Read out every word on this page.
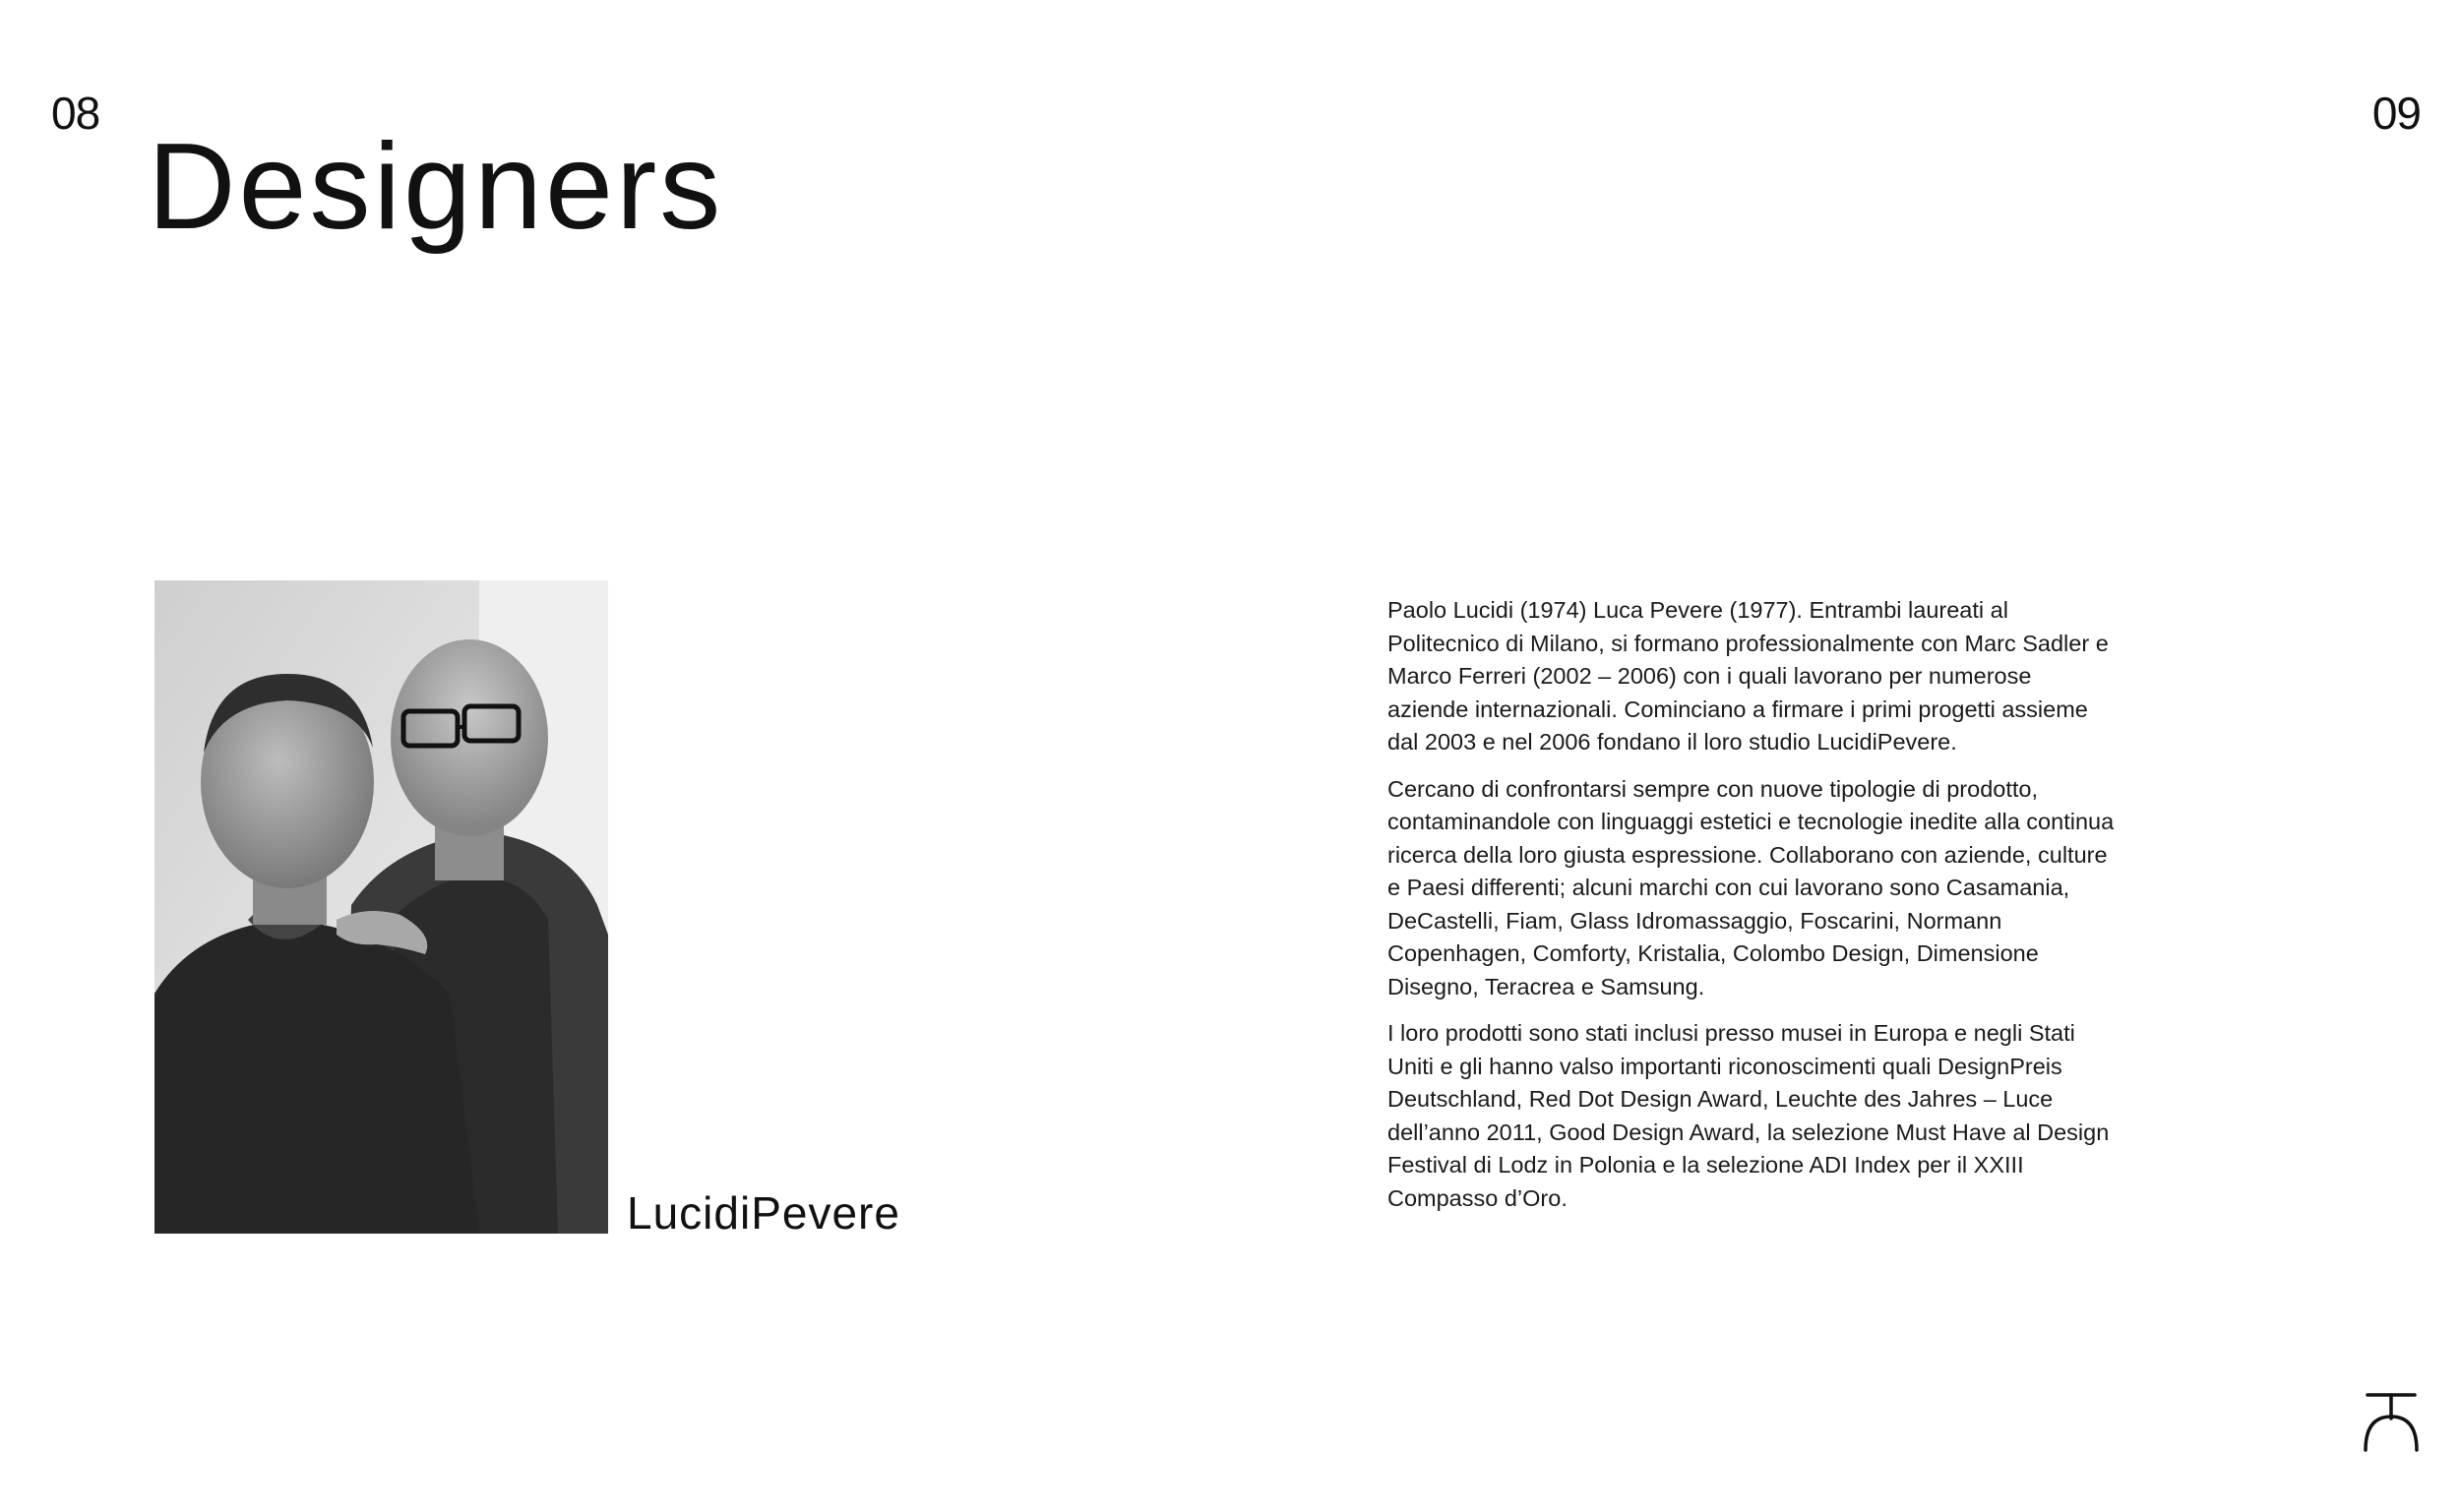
08	09
Designers
LucidiPevere

Paolo Lucidi (1974) Luca Pevere (1977). Entrambi laureati al Politecnico di Milano, si formano professionalmente con Marc Sadler e Marco Ferreri (2002 – 2006) con i quali lavorano per numerose aziende internazionali. Cominciano a firmare i primi progetti assieme dal 2003 e nel 2006 fondano il loro studio LucidiPevere.

Cercano di confrontarsi sempre con nuove tipologie di prodotto, contaminandole con linguaggi estetici e tecnologie inedite alla continua ricerca della loro giusta espressione. Collaborano con aziende, culture e Paesi differenti; alcuni marchi con cui lavorano sono Casamania, DeCastelli, Fiam, Glass Idromassaggio, Foscarini, Normann Copenhagen, Comforty, Kristalia, Colombo Design, Dimensione Disegno, Teracrea e Samsung.

I loro prodotti sono stati inclusi presso musei in Europa e negli Stati Uniti e gli hanno valso importanti riconoscimenti quali DesignPreis Deutschland, Red Dot Design Award, Leuchte des Jahres – Luce dell’anno 2011, Good Design Award, la selezione Must Have al Design Festival di Lodz in Polonia e la selezione ADI Index per il XXIII Compasso d’Oro.
